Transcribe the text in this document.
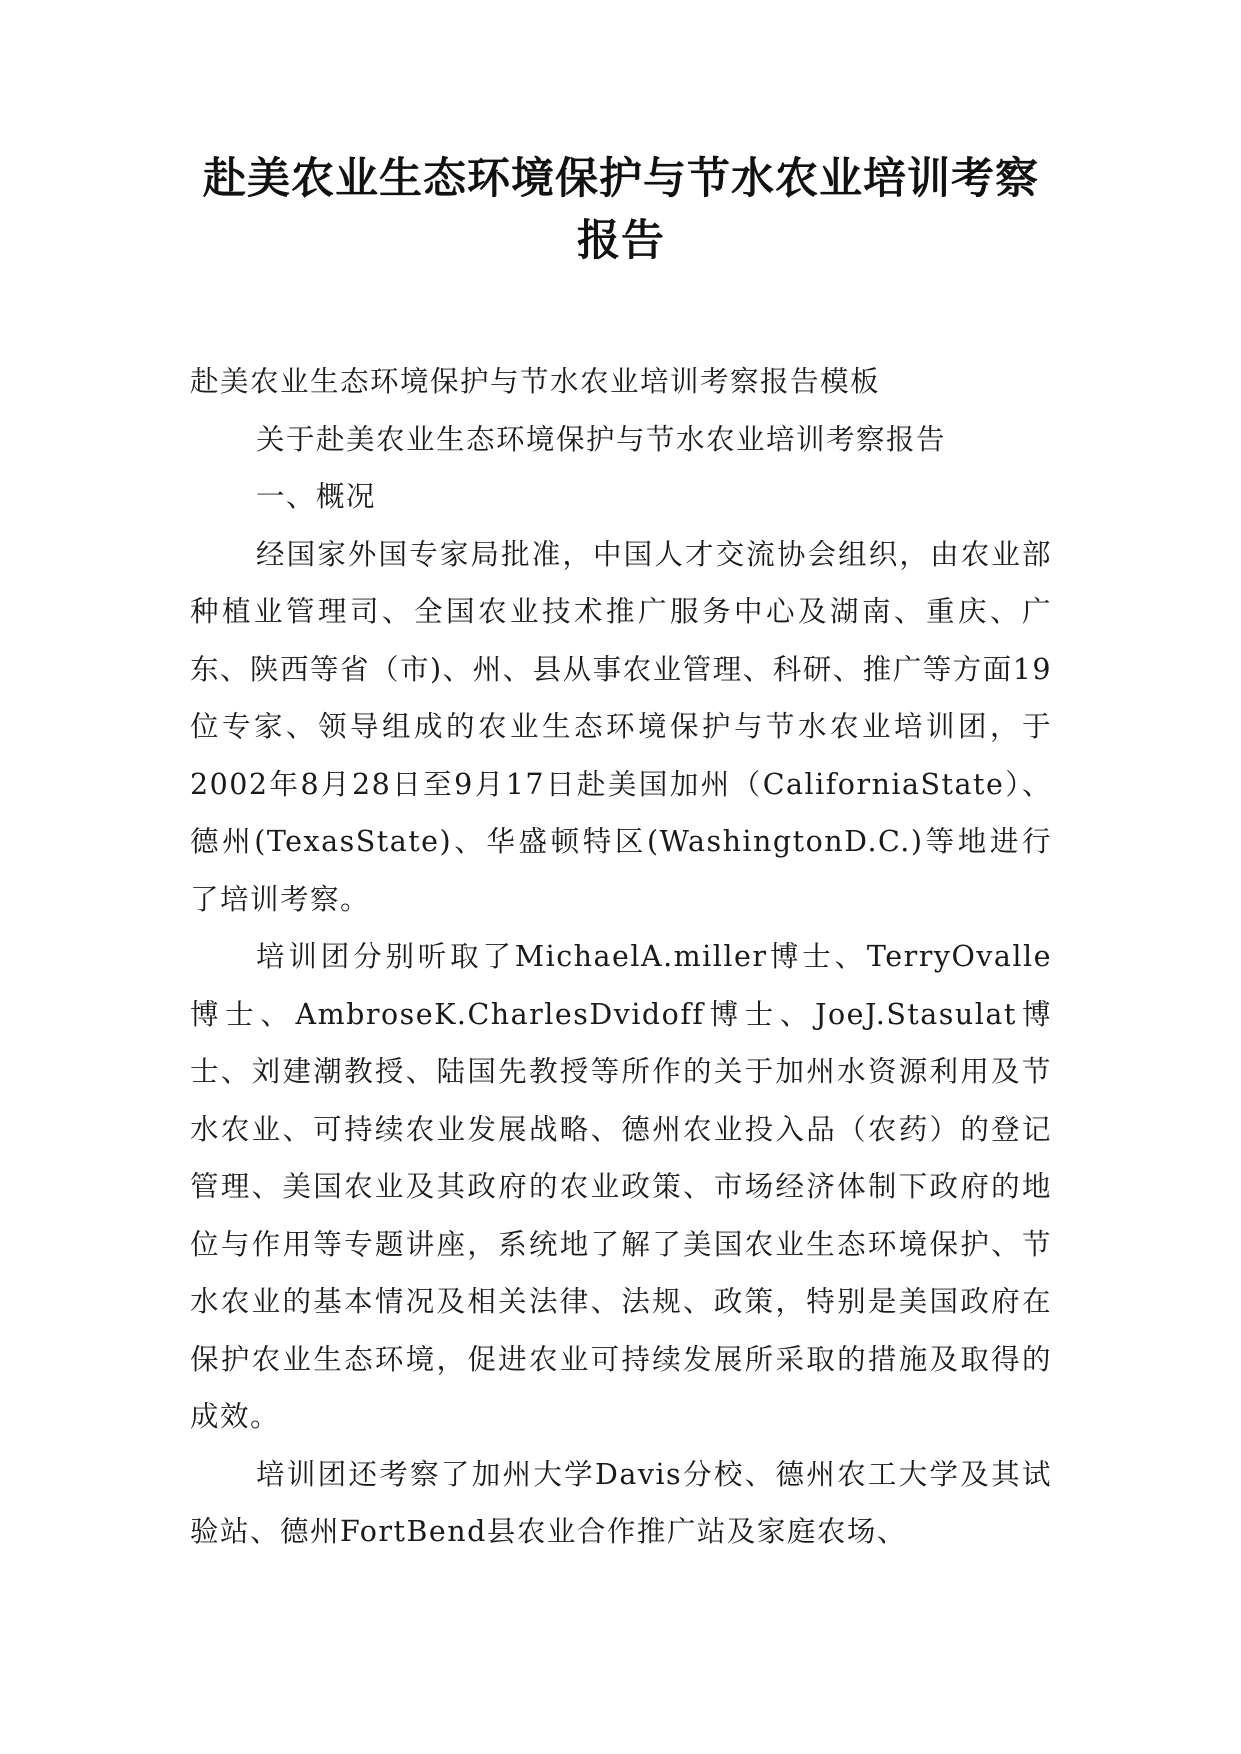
赴美农业生态环境保护与节水农业培训考察报告

赴美农业生态环境保护与节水农业培训考察报告模板

关于赴美农业生态环境保护与节水农业培训考察报告

一、概况

经国家外国专家局批准，中国人才交流协会组织，由农业部种植业管理司、全国农业技术推广服务中心及湖南、重庆、广东、陕西等省（市)、州、县从事农业管理、科研、推广等方面19位专家、领导组成的农业生态环境保护与节水农业培训团，于2002年8月28日至9月17日赴美国加州（CaliforniaState）、德州(TexasState)、华盛顿特区(WashingtonD.C.)等地进行了培训考察。

培训团分别听取了MichaelA.miller博士、TerryOvalle博士、AmbroseK.CharlesDvidoff博士、JoeJ.Stasulat博士、刘建潮教授、陆国先教授等所作的关于加州水资源利用及节水农业、可持续农业发展战略、德州农业投入品（农药）的登记管理、美国农业及其政府的农业政策、市场经济体制下政府的地位与作用等专题讲座，系统地了解了美国农业生态环境保护、节水农业的基本情况及相关法律、法规、政策，特别是美国政府在保护农业生态环境，促进农业可持续发展所采取的措施及取得的成效。

培训团还考察了加州大学Davis分校、德州农工大学及其试验站、德州FortBend县农业合作推广站及家庭农场、
